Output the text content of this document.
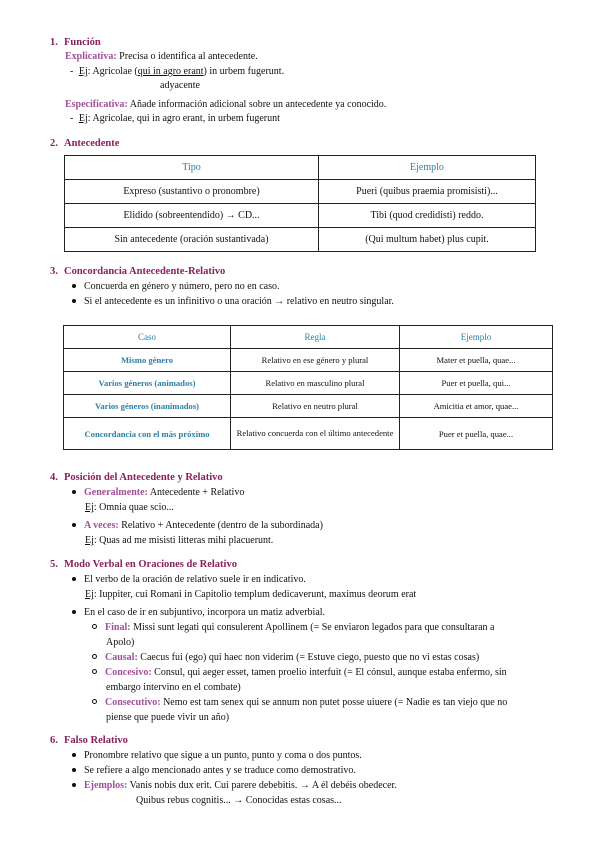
1. Función
Explicativa: Precisa o identifica al antecedente.
- Ej: Agricolae (qui in agro erant) in urbem fugerunt.
adyacente
Especificativa: Añade información adicional sobre un antecedente ya conocido.
- Ej: Agricolae, qui in agro erant, in urbem fugerunt
2. Antecedente
Tipo	Ejemplo
Expreso (sustantivo o pronombre)	Pueri (quibus praemia promisisti)...
Elidido (sobreentendido) → CD...	Tibi (quod credidisti) reddo.
Sin antecedente (oración sustantivada)	(Qui multum habet) plus cupit.
3. Concordancia Antecedente-Relativo
Concuerda en género y número, pero no en caso.
Si el antecedente es un infinitivo o una oración → relativo en neutro singular.
Caso	Regla	Ejemplo
Mismo género	Relativo en ese género y plural	Mater et puella, quae...
Varios géneros (animados)	Relativo en masculino plural	Puer et puella, qui...
Varios géneros (inanimados)	Relativo en neutro plural	Amicitia et amor, quae...
Concordancia con el más próximo	Relativo concuerda con el último antecedente	Puer et puella, quae...
4. Posición del Antecedente y Relativo
Generalmente: Antecedente + Relativo
Ej: Omnia quae scio...
A veces: Relativo + Antecedente (dentro de la subordinada)
Ej: Quas ad me misisti litteras mihi placuerunt.
5. Modo Verbal en Oraciones de Relativo
El verbo de la oración de relativo suele ir en indicativo.
Ej: Iuppiter, cui Romani in Capitolio templum dedicaverunt, maximus deorum erat
En el caso de ir en subjuntivo, incorpora un matiz adverbial.
Final: Missi sunt legati qui consulerent Apollinem (= Se enviaron legados para que consultaran a
Apolo)
Causal: Caecus fui (ego) qui haec non viderim (= Estuve ciego, puesto que no vi estas cosas)
Concesivo: Consul, qui aeger esset, tamen proelio interfuit (= El cónsul, aunque estaba enfermo, sin
embargo intervino en el combate)
Consecutivo: Nemo est tam senex qui se annum non putet posse uiuere (= Nadie es tan viejo que no
piense que puede vivir un año)
6. Falso Relativo
Pronombre relativo que sigue a un punto, punto y coma o dos puntos.
Se refiere a algo mencionado antes y se traduce como demostrativo.
Ejemplos: Vanis nobis dux erit. Cui parere debebitis. → A él debéis obedecer.
Quibus rebus cognitis... → Conocidas estas cosas...
